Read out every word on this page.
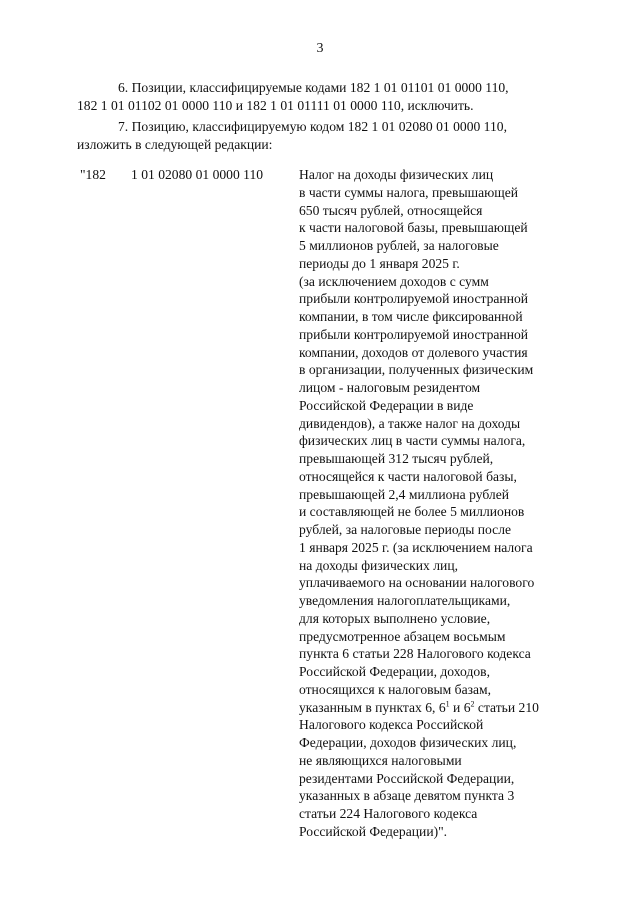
3
6. Позиции, классифицируемые кодами 182 1 01 01101 01 0000 110,
182 1 01 01102 01 0000 110 и 182 1 01 01111 01 0000 110, исключить.
7. Позицию, классифицируемую кодом 182 1 01 02080 01 0000 110,
изложить в следующей редакции:
"182 1 01 02080 01 0000 110	Налог на доходы физических лиц
в части суммы налога, превышающей
650 тысяч рублей, относящейся
к части налоговой базы, превышающей
5 миллионов рублей, за налоговые
периоды до 1 января 2025 г.
(за исключением доходов с сумм
прибыли контролируемой иностранной
компании, в том числе фиксированной
прибыли контролируемой иностранной
компании, доходов от долевого участия
в организации, полученных физическим
лицом - налоговым резидентом
Российской Федерации в виде
дивидендов), а также налог на доходы
физических лиц в части суммы налога,
превышающей 312 тысяч рублей,
относящейся к части налоговой базы,
превышающей 2,4 миллиона рублей
и составляющей не более 5 миллионов
рублей, за налоговые периоды после
1 января 2025 г. (за исключением налога
на доходы физических лиц,
уплачиваемого на основании налогового
уведомления налогоплательщиками,
для которых выполнено условие,
предусмотренное абзацем восьмым
пункта 6 статьи 228 Налогового кодекса
Российской Федерации, доходов,
относящихся к налоговым базам,
указанным в пунктах 6, $6^1$ и $6^2$ статьи 210
Налогового кодекса Российской
Федерации, доходов физических лиц,
не являющихся налоговыми
резидентами Российской Федерации,
указанных в абзаце девятом пункта 3
статьи 224 Налогового кодекса
Российской Федерации)".
